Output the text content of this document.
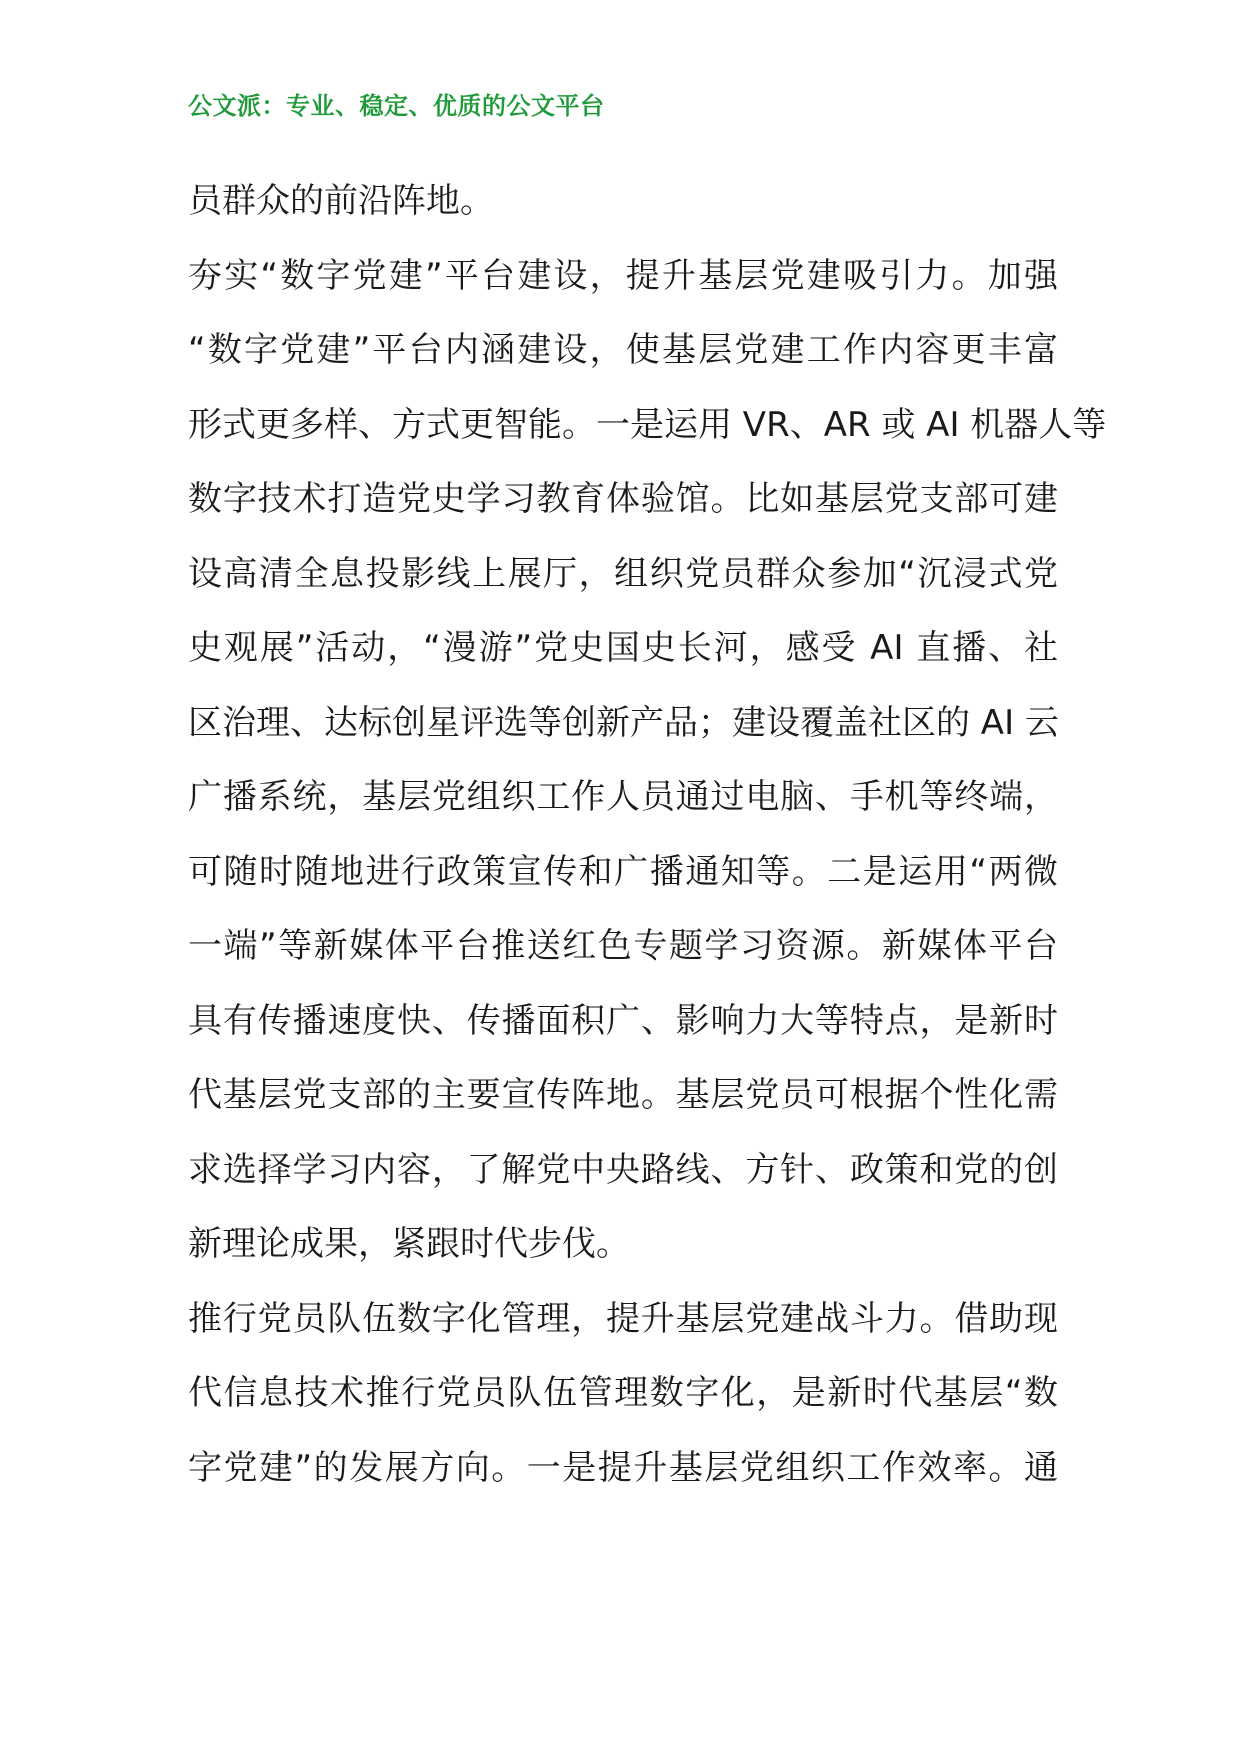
公文派：专业、稳定、优质的公文平台
员群众的前沿阵地。
夯实“数字党建”平台建设，提升基层党建吸引力。加强
“数字党建”平台内涵建设，使基层党建工作内容更丰富
形式更多样、方式更智能。一是运用 VR、AR 或 AI 机器人等
数字技术打造党史学习教育体验馆。比如基层党支部可建
设高清全息投影线上展厅，组织党员群众参加“沉浸式党
史观展”活动，“漫游”党史国史长河，感受 AI 直播、社
区治理、达标创星评选等创新产品；建设覆盖社区的 AI 云
广播系统，基层党组织工作人员通过电脑、手机等终端，
可随时随地进行政策宣传和广播通知等。二是运用“两微
一端”等新媒体平台推送红色专题学习资源。新媒体平台
具有传播速度快、传播面积广、影响力大等特点，是新时
代基层党支部的主要宣传阵地。基层党员可根据个性化需
求选择学习内容，了解党中央路线、方针、政策和党的创
新理论成果，紧跟时代步伐。
推行党员队伍数字化管理，提升基层党建战斗力。借助现
代信息技术推行党员队伍管理数字化，是新时代基层“数
字党建”的发展方向。一是提升基层党组织工作效率。通
